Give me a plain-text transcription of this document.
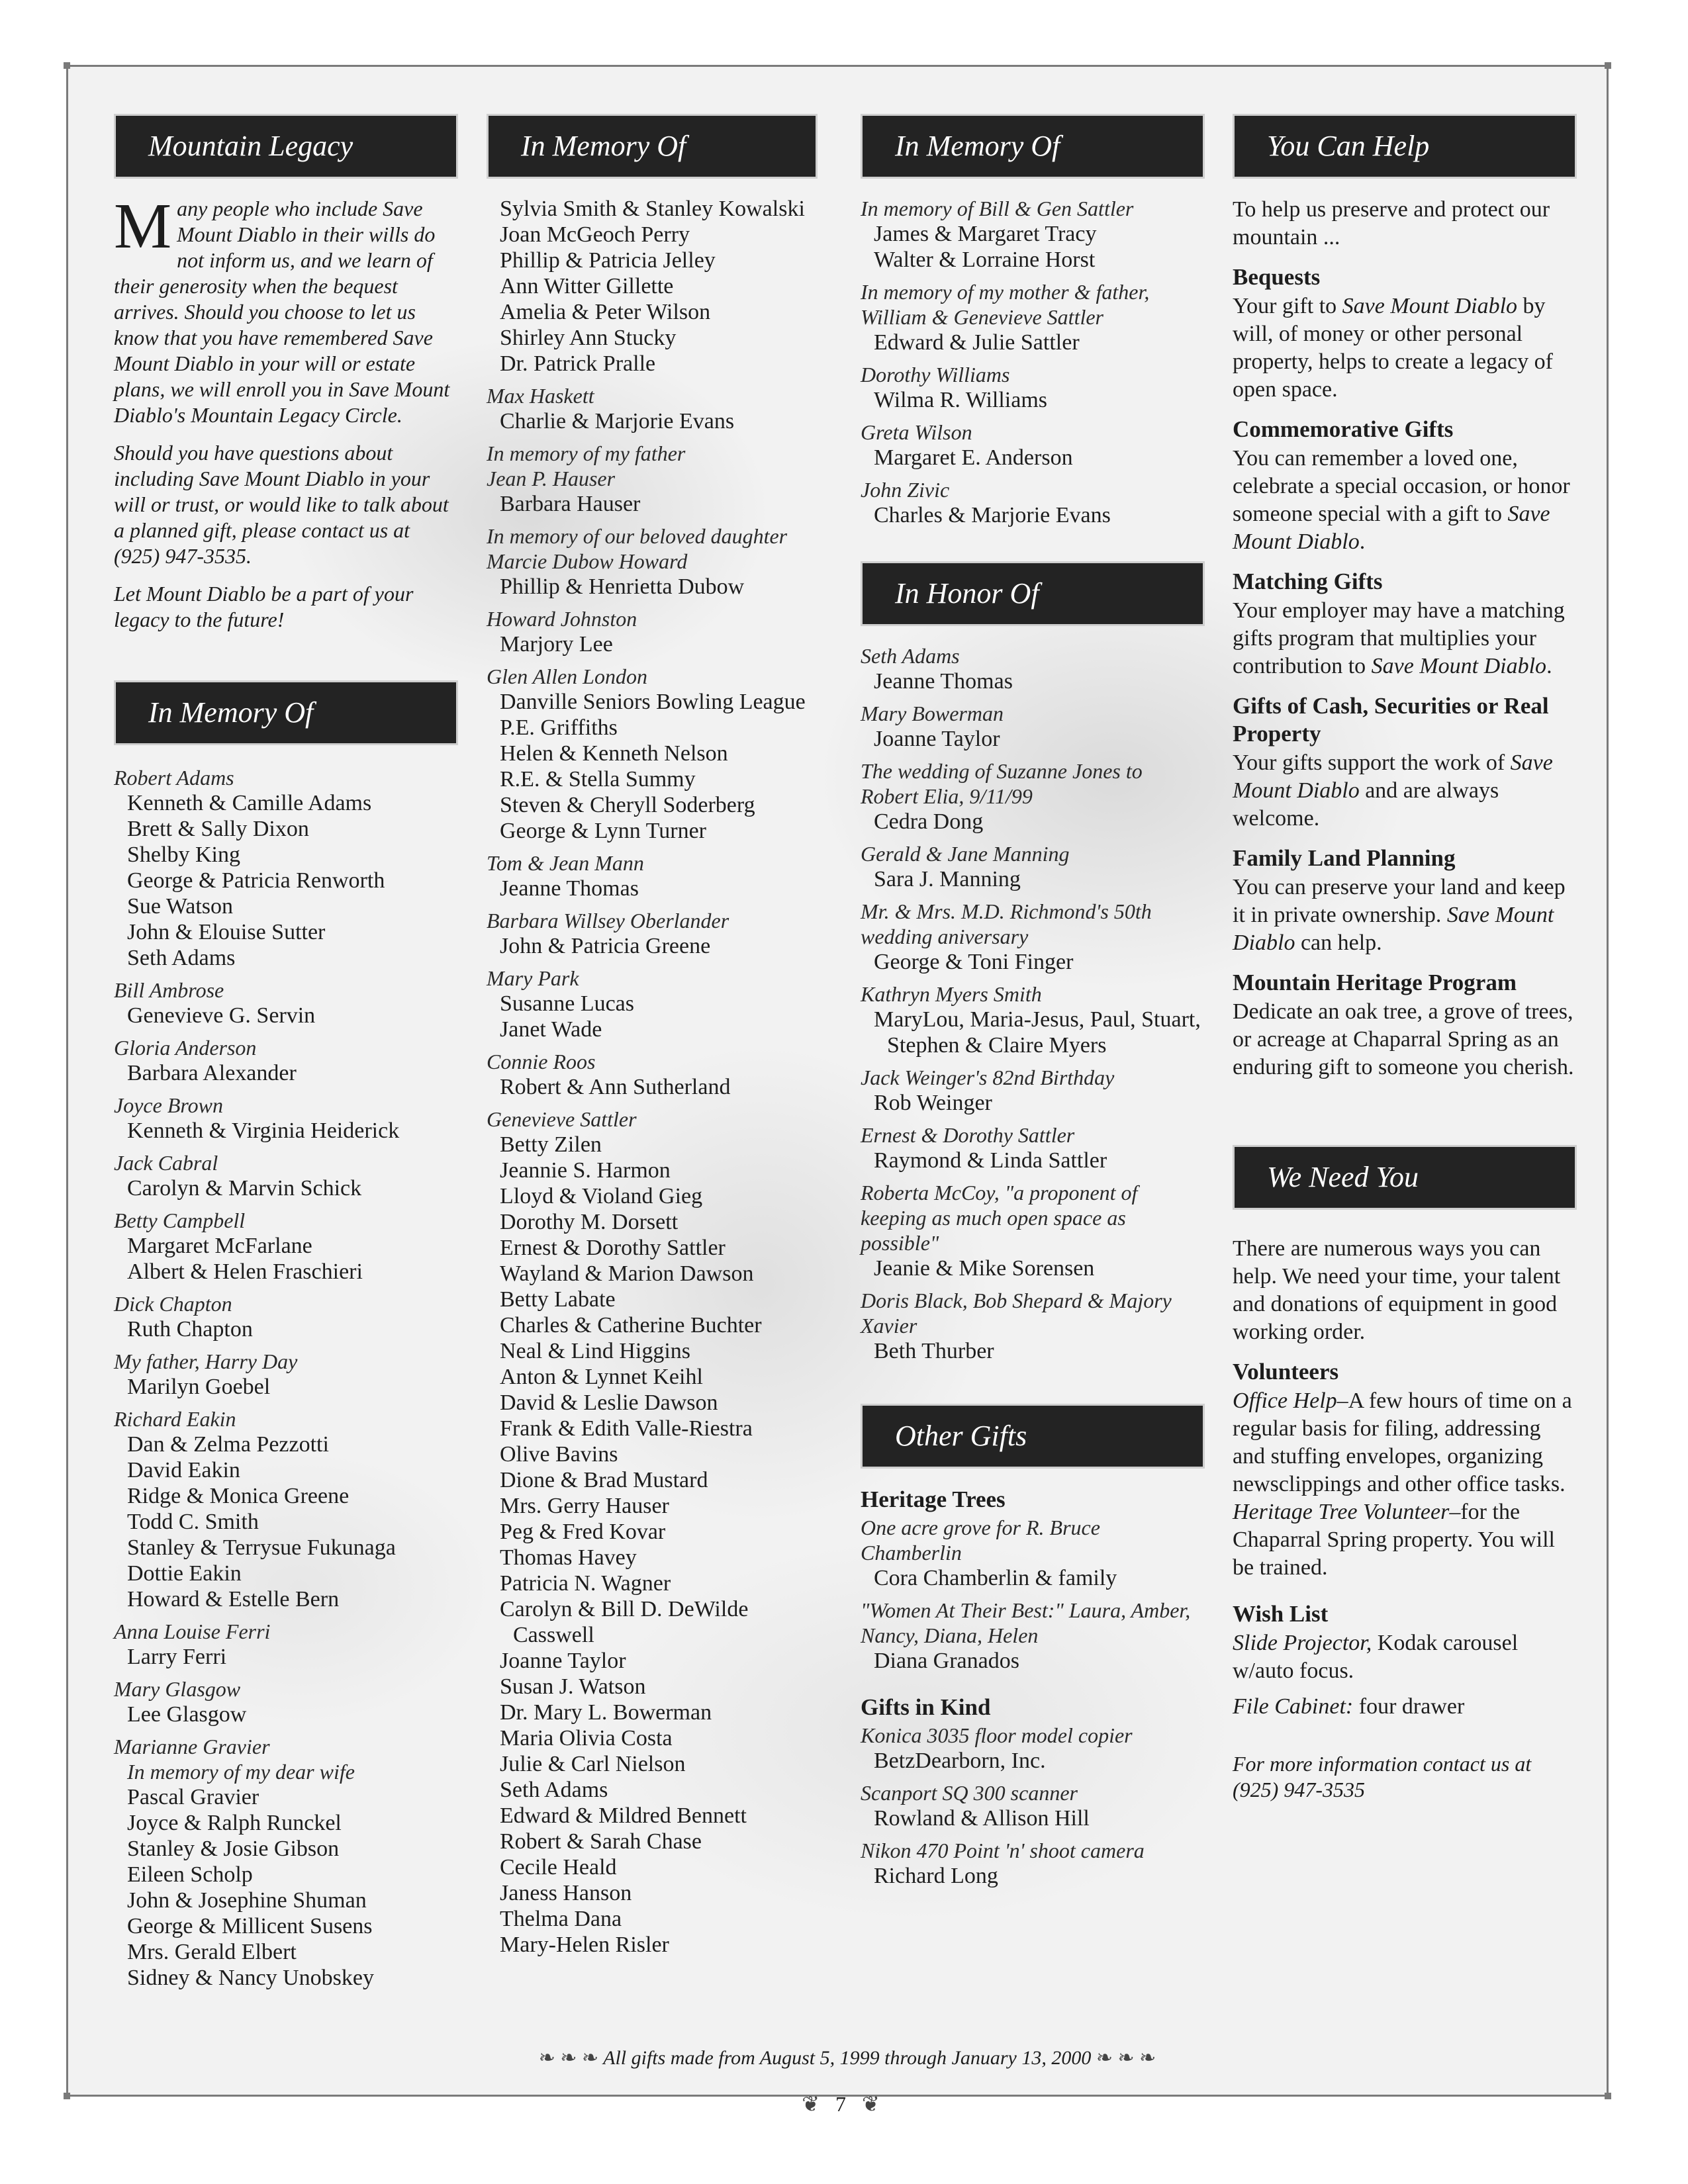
Mountain Legacy
M any people who include Save Mount Diablo in their wills do not inform us, and we learn of their generosity when the bequest arrives. Should you choose to let us know that you have remembered Save Mount Diablo in your will or estate plans, we will enroll you in Save Mount Diablo's Mountain Legacy Circle.
Should you have questions about including Save Mount Diablo in your will or trust, or would like to talk about a planned gift, please contact us at (925) 947-3535.
Let Mount Diablo be a part of your legacy to the future!
In Memory Of
Robert Adams
Kenneth & Camille Adams
Brett & Sally Dixon
Shelby King
George & Patricia Renworth
Sue Watson
John & Elouise Sutter
Seth Adams
Bill Ambrose
Genevieve G. Servin
Gloria Anderson
Barbara Alexander
Joyce Brown
Kenneth & Virginia Heiderick
Jack Cabral
Carolyn & Marvin Schick
Betty Campbell
Margaret McFarlane
Albert & Helen Fraschieri
Dick Chapton
Ruth Chapton
My father, Harry Day
Marilyn Goebel
Richard Eakin
Dan & Zelma Pezzotti
David Eakin
Ridge & Monica Greene
Todd C. Smith
Stanley & Terrysue Fukunaga
Dottie Eakin
Howard & Estelle Bern
Anna Louise Ferri
Larry Ferri
Mary Glasgow
Lee Glasgow
Marianne Gravier
In memory of my dear wife
Pascal Gravier
Joyce & Ralph Runckel
Stanley & Josie Gibson
Eileen Scholp
John & Josephine Shuman
George & Millicent Susens
Mrs. Gerald Elbert
Sidney & Nancy Unobskey
In Memory Of
Sylvia Smith & Stanley Kowalski
Joan McGeoch Perry
Phillip & Patricia Jelley
Ann Witter Gillette
Amelia & Peter Wilson
Shirley Ann Stucky
Dr. Patrick Pralle
Max Haskett
Charlie & Marjorie Evans
In memory of my father
Jean P. Hauser
Barbara Hauser
In memory of our beloved daughter
Marcie Dubow Howard
Phillip & Henrietta Dubow
Howard Johnston
Marjory Lee
Glen Allen London
Danville Seniors Bowling League
P.E. Griffiths
Helen & Kenneth Nelson
R.E. & Stella Summy
Steven & Cheryll Soderberg
George & Lynn Turner
Tom & Jean Mann
Jeanne Thomas
Barbara Willsey Oberlander
John & Patricia Greene
Mary Park
Susanne Lucas
Janet Wade
Connie Roos
Robert & Ann Sutherland
Genevieve Sattler
Betty Zilen
Jeannie S. Harmon
Lloyd & Violand Gieg
Dorothy M. Dorsett
Ernest & Dorothy Sattler
Wayland & Marion Dawson
Betty Labate
Charles & Catherine Buchter
Neal & Lind Higgins
Anton & Lynnet Keihl
David & Leslie Dawson
Frank & Edith Valle-Riestra
Olive Bavins
Dione & Brad Mustard
Mrs. Gerry Hauser
Peg & Fred Kovar
Thomas Havey
Patricia N. Wagner
Carolyn & Bill D. DeWilde Casswell
Joanne Taylor
Susan J. Watson
Dr. Mary L. Bowerman
Maria Olivia Costa
Julie & Carl Nielson
Seth Adams
Edward & Mildred Bennett
Robert & Sarah Chase
Cecile Heald
Janess Hanson
Thelma Dana
Mary-Helen Risler
In Memory Of
In memory of Bill & Gen Sattler
James & Margaret Tracy
Walter & Lorraine Horst
In memory of my mother & father, William & Genevieve Sattler
Edward & Julie Sattler
Dorothy Williams
Wilma R. Williams
Greta Wilson
Margaret E. Anderson
John Zivic
Charles & Marjorie Evans
In Honor Of
Seth Adams
Jeanne Thomas
Mary Bowerman
Joanne Taylor
The wedding of Suzanne Jones to Robert Elia, 9/11/99
Cedra Dong
Gerald & Jane Manning
Sara J. Manning
Mr. & Mrs. M.D. Richmond's 50th wedding aniversary
George & Toni Finger
Kathryn Myers Smith
MaryLou, Maria-Jesus, Paul, Stuart, Stephen & Claire Myers
Jack Weinger's 82nd Birthday
Rob Weinger
Ernest & Dorothy Sattler
Raymond & Linda Sattler
Roberta McCoy, "a proponent of keeping as much open space as possible"
Jeanie & Mike Sorensen
Doris Black, Bob Shepard & Majory Xavier
Beth Thurber
Other Gifts
Heritage Trees
One acre grove for R. Bruce Chamberlin
Cora Chamberlin & family
"Women At Their Best:" Laura, Amber, Nancy, Diana, Helen
Diana Granados
Gifts in Kind
Konica 3035 floor model copier
BetzDearborn, Inc.
Scanport SQ 300 scanner
Rowland & Allison Hill
Nikon 470 Point 'n' shoot camera
Richard Long
You Can Help
To help us preserve and protect our mountain ...
Bequests
Your gift to Save Mount Diablo by will, of money or other personal property, helps to create a legacy of open space.
Commemorative Gifts
You can remember a loved one, celebrate a special occasion, or honor someone special with a gift to Save Mount Diablo.
Matching Gifts
Your employer may have a matching gifts program that multiplies your contribution to Save Mount Diablo.
Gifts of Cash, Securities or Real Property
Your gifts support the work of Save Mount Diablo and are always welcome.
Family Land Planning
You can preserve your land and keep it in private ownership. Save Mount Diablo can help.
Mountain Heritage Program
Dedicate an oak tree, a grove of trees, or acreage at Chaparral Spring as an enduring gift to someone you cherish.
We Need You
There are numerous ways you can help. We need your time, your talent and donations of equipment in good working order.
Volunteers
Office Help–A few hours of time on a regular basis for filing, addressing and stuffing envelopes, organizing newsclippings and other office tasks.
Heritage Tree Volunteer–for the Chaparral Spring property. You will be trained.
Wish List
Slide Projector, Kodak carousel w/auto focus.
File Cabinet: four drawer
For more information contact us at (925) 947-3535
❧ ❧ ❧ All gifts made from August 5, 1999 through January 13, 2000 ❧ ❧ ❧
❦ 7 ❦
